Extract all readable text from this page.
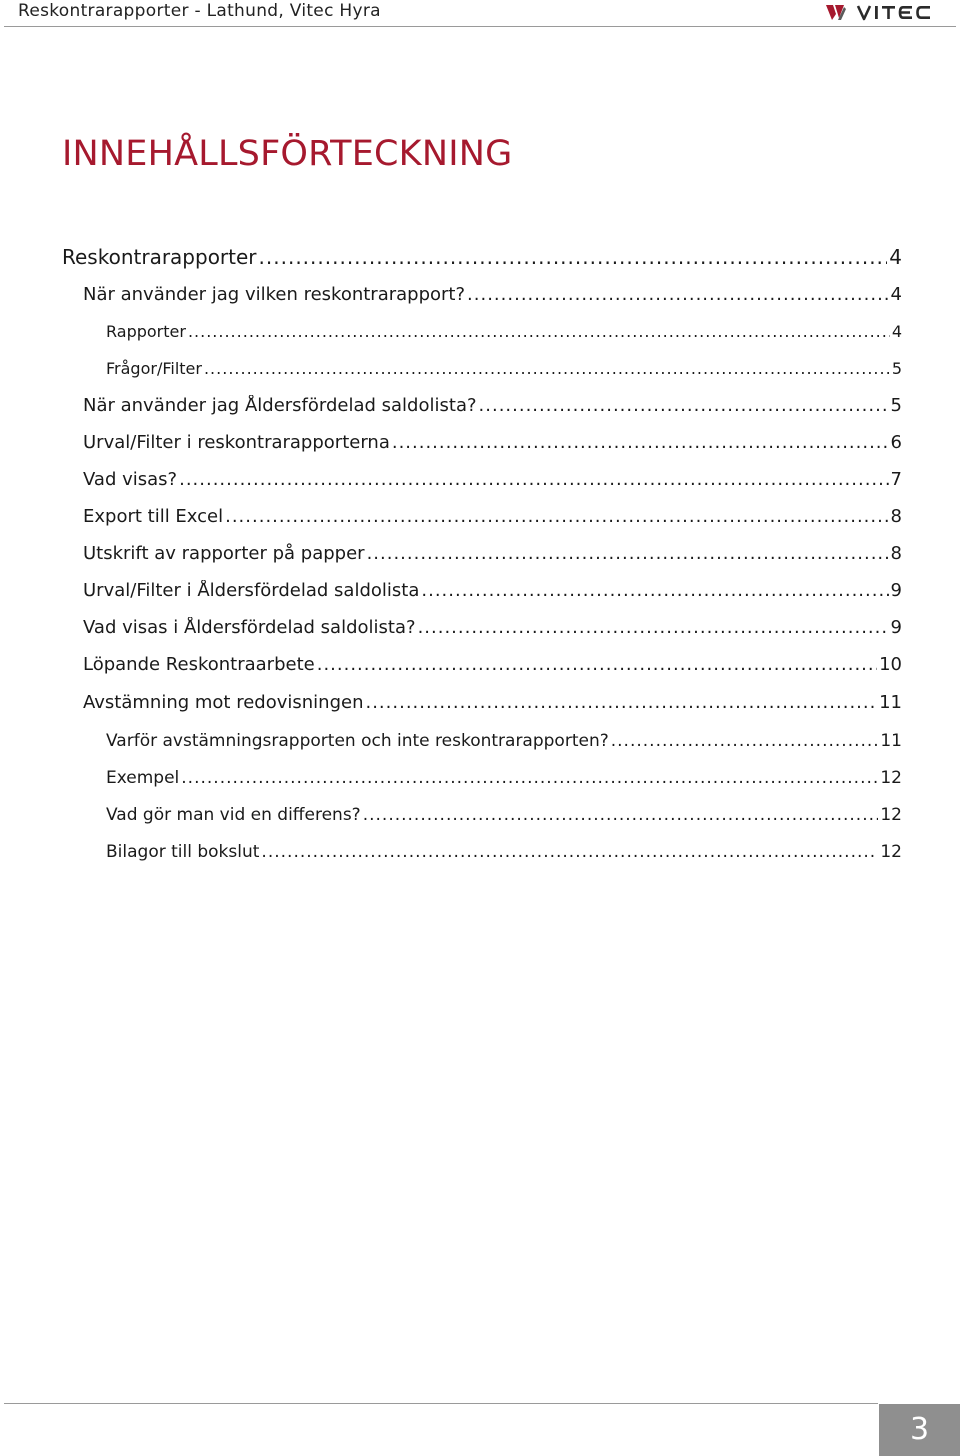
Reskontrarapporter - Lathund, Vitec Hyra
INNEHÅLLSFÖRTECKNING
Reskontrarapporter .....	4
När använder jag vilken reskontrarapport? .....	4
Rapporter .....	4
Frågor/Filter .....	5
När använder jag Åldersfördelad saldolista? .....	5
Urval/Filter i reskontrarapporterna .....	6
Vad visas? .....	7
Export till Excel .....	8
Utskrift av rapporter på papper .....	8
Urval/Filter i Åldersfördelad saldolista .....	9
Vad visas i Åldersfördelad saldolista? .....	9
Löpande Reskontraarbete .....	10
Avstämning mot redovisningen .....	11
Varför avstämningsrapporten och inte reskontrarapporten? .....	11
Exempel .....	12
Vad gör man vid en differens? .....	12
Bilagor till bokslut .....	12
3
